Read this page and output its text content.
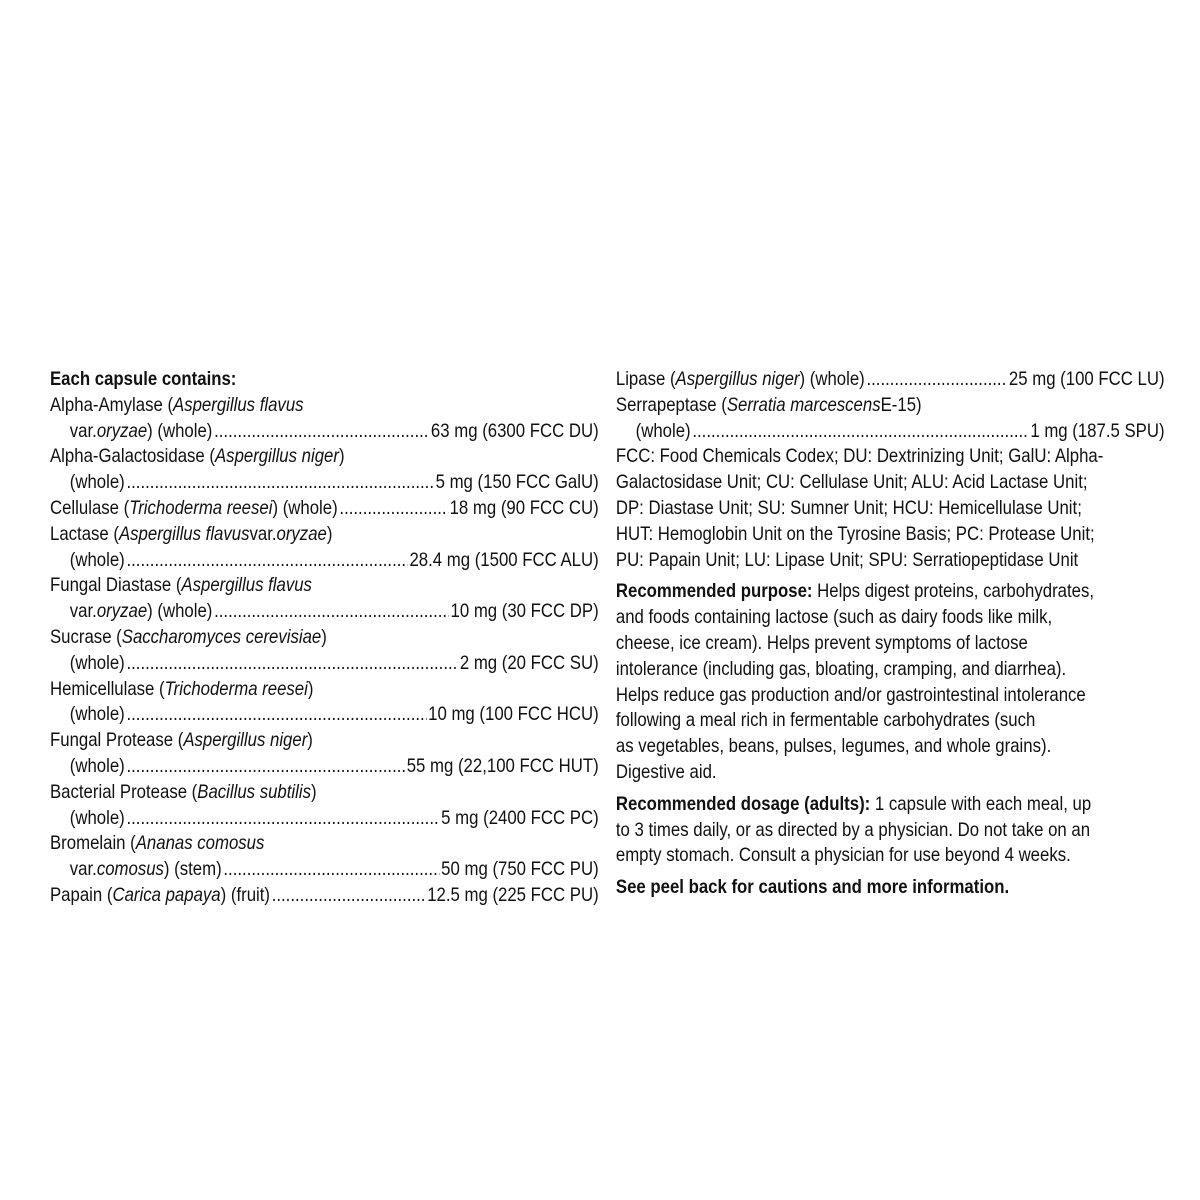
Each capsule contains:
Alpha-Amylase ( Aspergillus flavus
var. oryzae ) (whole) .....	63 mg (6300 FCC DU)
Alpha-Galactosidase ( Aspergillus niger )
(whole) .....	5 mg (150 FCC GalU)
Cellulase ( Trichoderma reesei ) (whole) .....	18 mg (90 FCC CU)
Lactase ( Aspergillus flavus var. oryzae )
(whole) .....	28.4 mg (1500 FCC ALU)
Fungal Diastase ( Aspergillus flavus
var. oryzae ) (whole) .....	10 mg (30 FCC DP)
Sucrase ( Saccharomyces cerevisiae )
(whole) .....	2 mg (20 FCC SU)
Hemicellulase ( Trichoderma reesei )
(whole) .....	10 mg (100 FCC HCU)
Fungal Protease ( Aspergillus niger )
(whole) .....	55 mg (22,100 FCC HUT)
Bacterial Protease ( Bacillus subtilis )
(whole) .....	5 mg (2400 FCC PC)
Bromelain ( Ananas comosus
var. comosus ) (stem) .....	50 mg (750 FCC PU)
Papain ( Carica papaya ) (fruit) .....	12.5 mg (225 FCC PU)
Lipase ( Aspergillus niger ) (whole) .....	25 mg (100 FCC LU)
Serrapeptase ( Serratia marcescens E-15)
(whole) .....	1 mg (187.5 SPU)
FCC: Food Chemicals Codex; DU: Dextrinizing Unit; GalU: Alpha-
Galactosidase Unit; CU: Cellulase Unit; ALU: Acid Lactase Unit;
DP: Diastase Unit; SU: Sumner Unit; HCU: Hemicellulase Unit;
HUT: Hemoglobin Unit on the Tyrosine Basis; PC: Protease Unit;
PU: Papain Unit; LU: Lipase Unit; SPU: Serratiopeptidase Unit
Recommended purpose: Helps digest proteins, carbohydrates,
and foods containing lactose (such as dairy foods like milk,
cheese, ice cream). Helps prevent symptoms of lactose
intolerance (including gas, bloating, cramping, and diarrhea).
Helps reduce gas production and/or gastrointestinal intolerance
following a meal rich in fermentable carbohydrates (such
as vegetables, beans, pulses, legumes, and whole grains).
Digestive aid.
Recommended dosage (adults): 1 capsule with each meal, up
to 3 times daily, or as directed by a physician. Do not take on an
empty stomach. Consult a physician for use beyond 4 weeks.
See peel back for cautions and more information.
